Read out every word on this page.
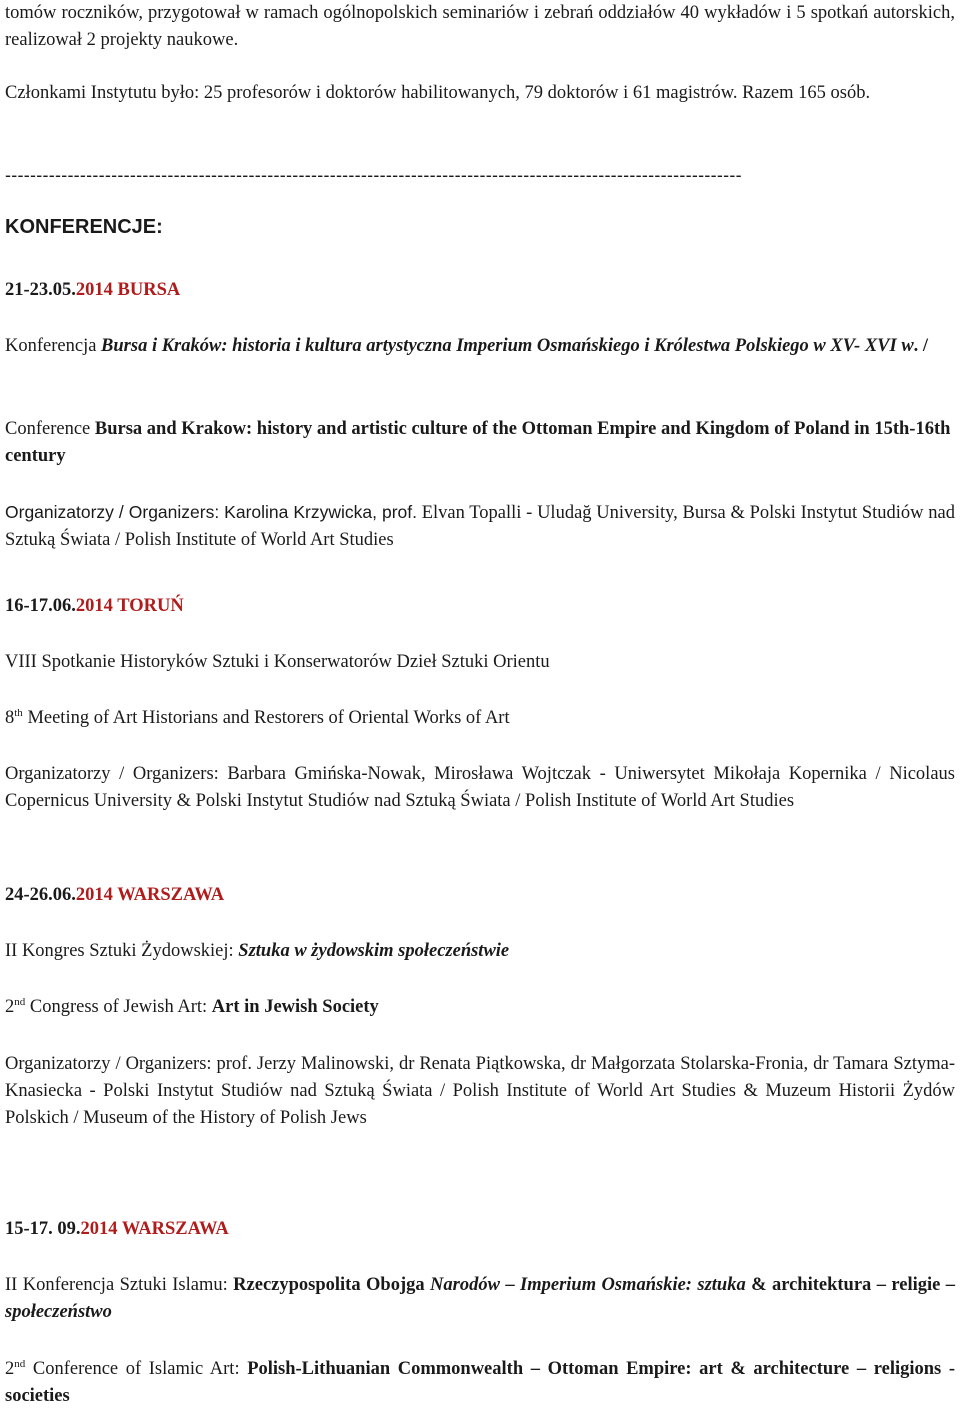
tomów roczników, przygotował w ramach ogólnopolskich seminariów i zebrań oddziałów 40 wykładów i 5 spotkań autorskich, realizował 2 projekty naukowe.

Członkami Instytutu było: 25 profesorów i doktorów habilitowanych, 79 doktorów i 61 magistrów. Razem 165 osób.

----------------------------------------------------------------------------------------------------------------------
KONFERENCJE:
21-23.05.2014 BURSA

Konferencja Bursa i Kraków: historia i kultura artystyczna Imperium Osmańskiego i Królestwa Polskiego w XV- XVI w. /

Conference Bursa and Krakow: history and artistic culture of the Ottoman Empire and Kingdom of Poland in 15th-16th century

Organizatorzy / Organizers: Karolina Krzywicka, prof. Elvan Topalli - Uludağ University, Bursa & Polski Instytut Studiów nad Sztuką Świata / Polish Institute of World Art Studies

16-17.06.2014 TORUŃ

VIII Spotkanie Historyków Sztuki i Konserwatorów Dzieł Sztuki Orientu

8th Meeting of Art Historians and Restorers of Oriental Works of Art

Organizatorzy / Organizers: Barbara Gmińska-Nowak, Mirosława Wojtczak - Uniwersytet Mikołaja Kopernika / Nicolaus Copernicus University & Polski Instytut Studiów nad Sztuką Świata / Polish Institute of World Art Studies

24-26.06.2014 WARSZAWA

II Kongres Sztuki Żydowskiej: Sztuka w żydowskim społeczeństwie

2nd Congress of Jewish Art: Art in Jewish Society

Organizatorzy / Organizers: prof. Jerzy Malinowski, dr Renata Piątkowska, dr Małgorzata Stolarska-Fronia, dr Tamara Sztyma-Knasiecka - Polski Instytut Studiów nad Sztuką Świata / Polish Institute of World Art Studies & Muzeum Historii Żydów Polskich / Museum of the History of Polish Jews

15-17. 09.2014 WARSZAWA

II Konferencja Sztuki Islamu: Rzeczypospolita Obojga Narodów – Imperium Osmańskie: sztuka & architektura – religie – społeczeństwo

2nd Conference of Islamic Art: Polish-Lithuanian Commonwealth – Ottoman Empire: art & architecture – religions - societies
